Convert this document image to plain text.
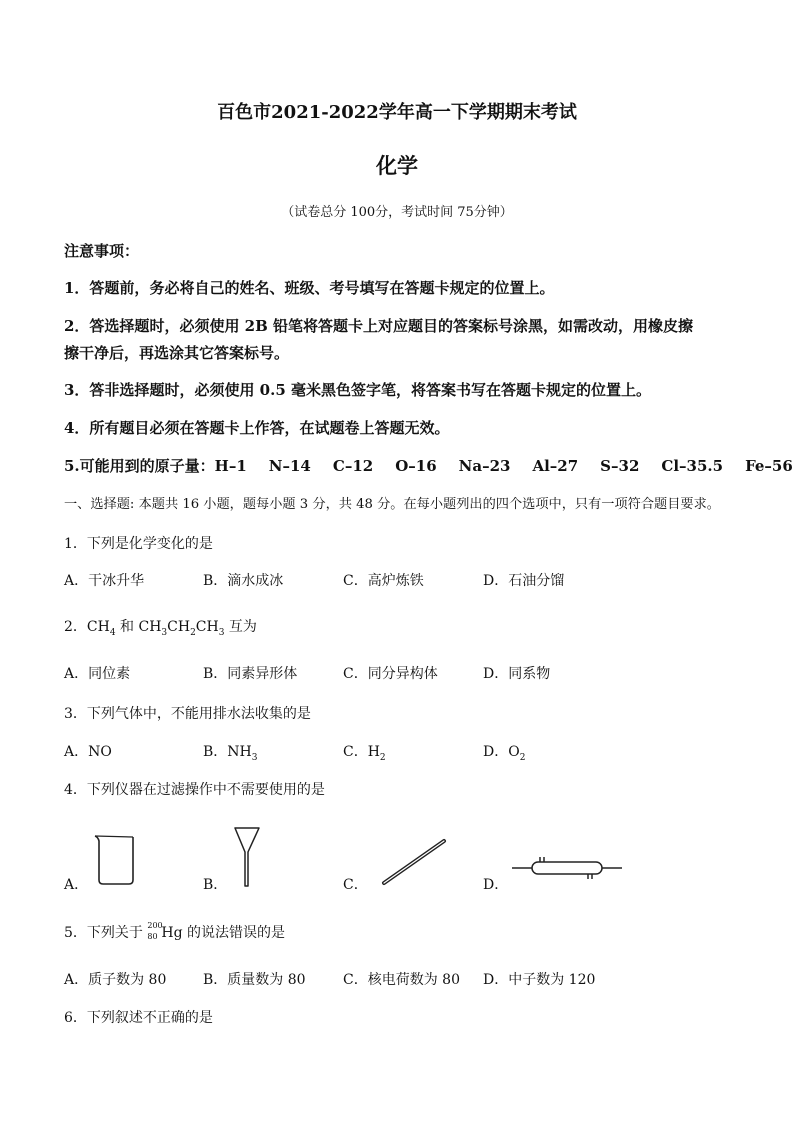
百色市2021-2022学年高一下学期期末考试
化学
（试卷总分 100分，考试时间 75分钟）
注意事项：
1．答题前，务必将自己的姓名、班级、考号填写在答题卡规定的位置上。
2．答选择题时，必须使用 2B 铅笔将答题卡上对应题目的答案标号涂黑，如需改动，用橡皮擦
擦干净后，再选涂其它答案标号。
3．答非选择题时，必须使用 0.5 毫米黑色签字笔，将答案书写在答题卡规定的位置上。
4．所有题目必须在答题卡上作答，在试题卷上答题无效。
5.可能用到的原子量：H–1 N–14 C–12 O–16 Na–23 Al–27 S–32 Cl–35.5 Fe–56
一、选择题: 本题共 16 小题，题每小题 3 分，共 48 分。在每小题列出的四个选项中，只有一项符合题目要求。
1．下列是化学变化的是
A．干冰升华	B．滴水成冰	C．高炉炼铁	D．石油分馏
2．$CH_4$ 和 $CH_3CH_2CH_3$ 互为
A．同位素	B．同素异形体	C．同分异构体	D．同系物
3．下列气体中，不能用排水法收集的是
A．NO	B．$NH_3$	C．$H_2$	D．$O_2$
4．下列仪器在过滤操作中不需要使用的是
A．	B．	C．	D．
5．下列关于 200
80 Hg 的说法错误的是
A．质子数为 80	B．质量数为 80	C．核电荷数为 80 D．中子数为 120
6．下列叙述不正确的是
